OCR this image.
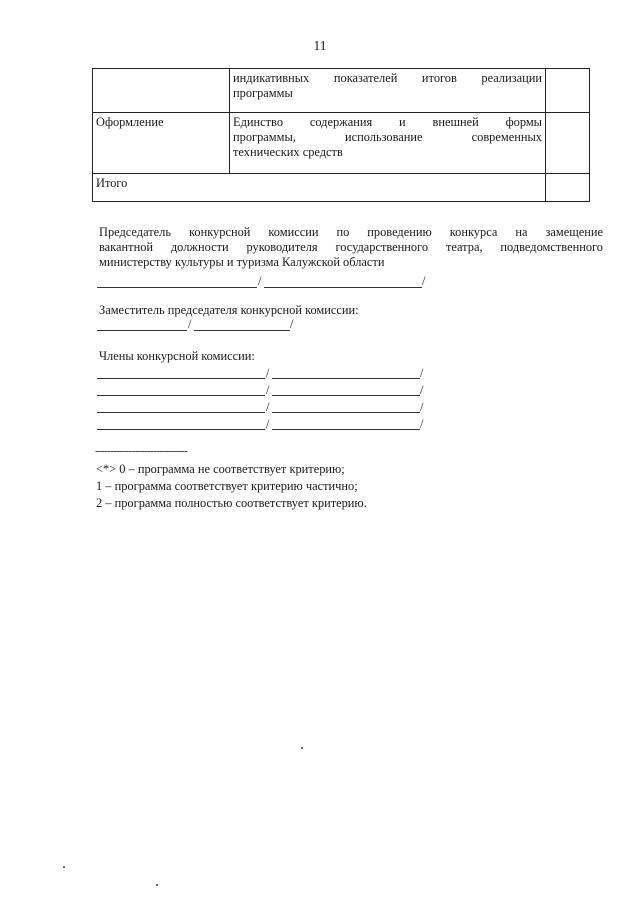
11

	индикативных показателей итогов реализации
программы	

Оформление	Единство содержания и внешней формы
программы, использование современных
технических средств	

Итого		
Председатель конкурсной комиссии по проведению конкурса на замещение
вакантной должности руководителя государственного театра, подведомственного
министерству культуры и туризма Калужской области
/	/
Заместитель председателя конкурсной комиссии:
/	/
Члены конкурсной комиссии:
/	/
/	/
/	/
/	/
------------------------------
<*> 0 – программа не соответствует критерию;
1 – программа соответствует критерию частично;
2 – программа полностью соответствует критерию.
